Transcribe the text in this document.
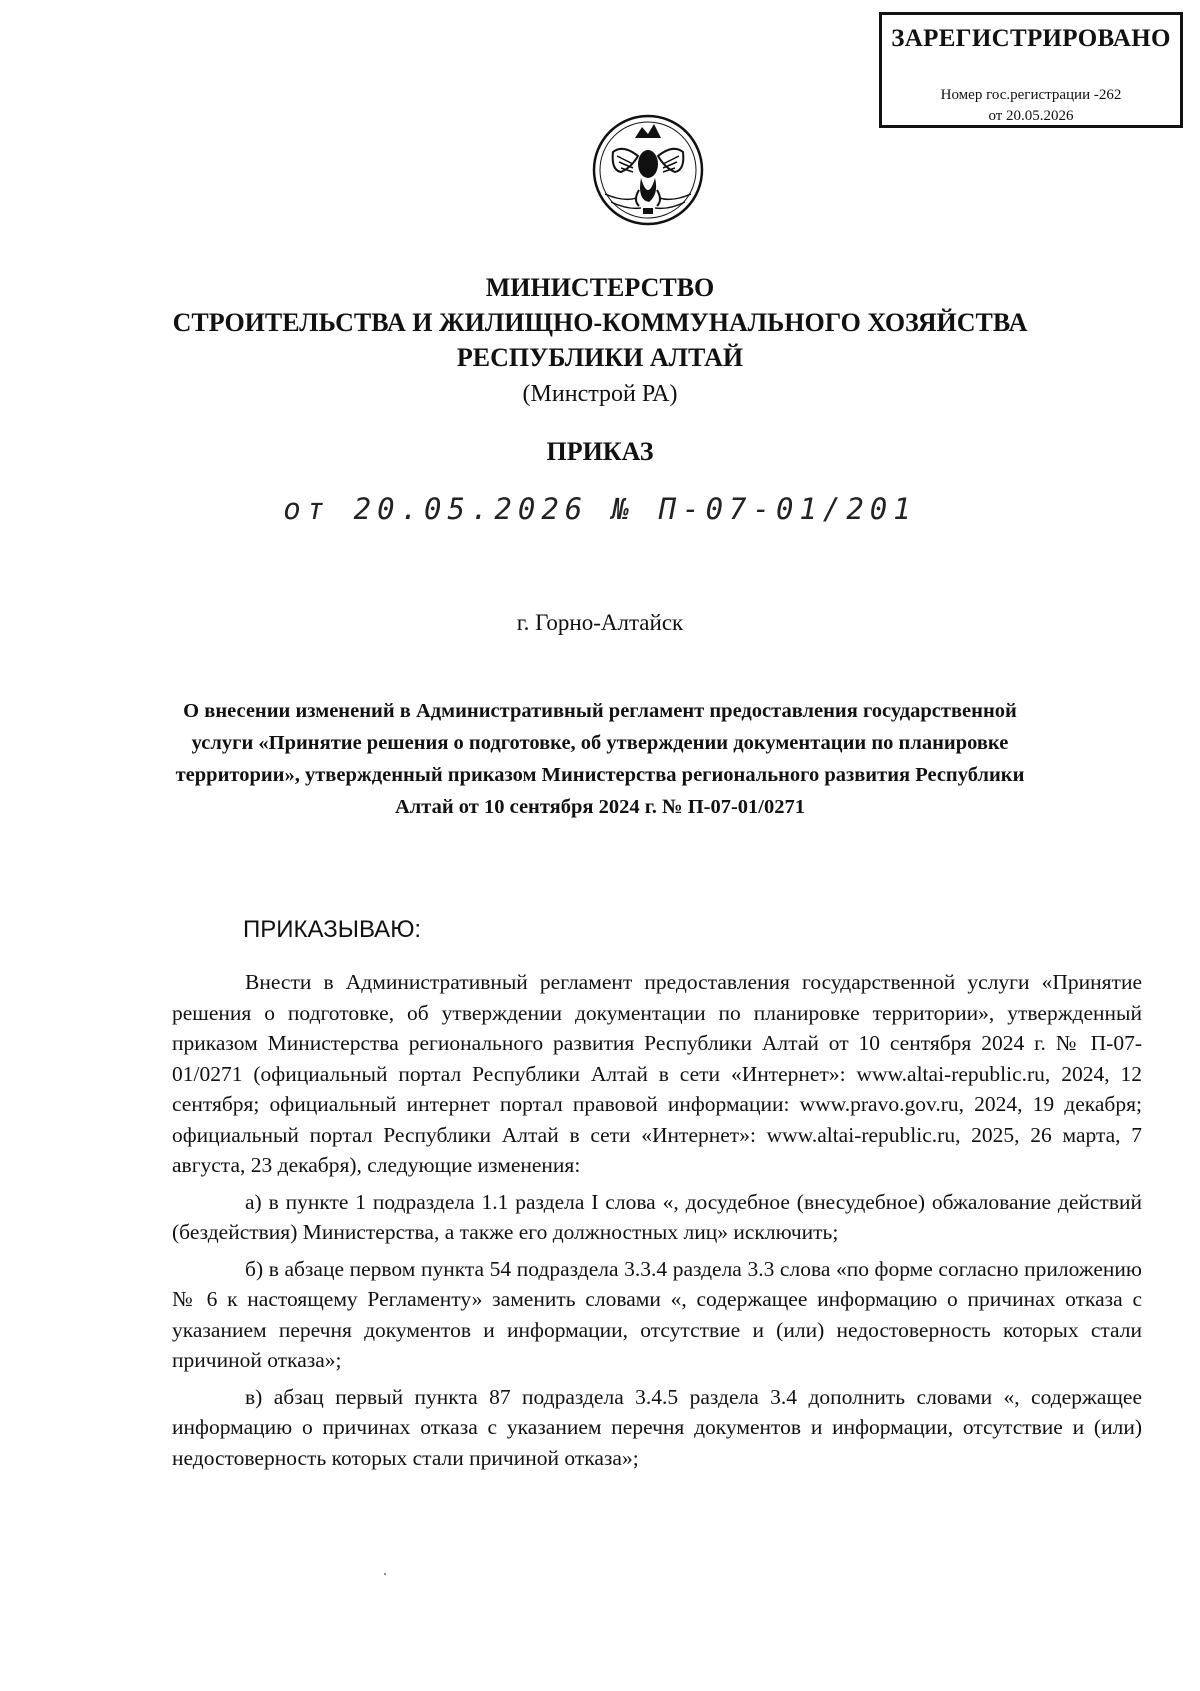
ЗАРЕГИСТРИРОВАНО
Номер гос.регистрации -262
от 20.05.2026
МИНИСТЕРСТВО
СТРОИТЕЛЬСТВА И ЖИЛИЩНО-КОММУНАЛЬНОГО ХОЗЯЙСТВА
РЕСПУБЛИКИ АЛТАЙ
(Минстрой РА)
ПРИКАЗ
от 20.05.2026 № П-07-01/201
г. Горно-Алтайск
О внесении изменений в Административный регламент предоставления государственной услуги «Принятие решения о подготовке, об утверждении документации по планировке территории», утвержденный приказом Министерства регионального развития Республики Алтай от 10 сентября 2024 г. № П-07-01/0271
ПРИКАЗЫВАЮ:

Внести в Административный регламент предоставления государственной услуги «Принятие решения о подготовке, об утверждении документации по планировке территории», утвержденный приказом Министерства регионального развития Республики Алтай от 10 сентября 2024 г. № П-07-01/0271 (официальный портал Республики Алтай в сети «Интернет»: www.altai-republic.ru, 2024, 12 сентября; официальный интернет портал правовой информации: www.pravo.gov.ru, 2024, 19 декабря; официальный портал Республики Алтай в сети «Интернет»: www.altai-republic.ru, 2025, 26 марта, 7 августа, 23 декабря), следующие изменения:

а) в пункте 1 подраздела 1.1 раздела I слова «, досудебное (внесудебное) обжалование действий (бездействия) Министерства, а также его должностных лиц» исключить;

б) в абзаце первом пункта 54 подраздела 3.3.4 раздела 3.3 слова «по форме согласно приложению № 6 к настоящему Регламенту» заменить словами «, содержащее информацию о причинах отказа с указанием перечня документов и информации, отсутствие и (или) недостоверность которых стали причиной отказа»;

в) абзац первый пункта 87 подраздела 3.4.5 раздела 3.4 дополнить словами «, содержащее информацию о причинах отказа с указанием перечня документов и информации, отсутствие и (или) недостоверность которых стали причиной отказа»;
